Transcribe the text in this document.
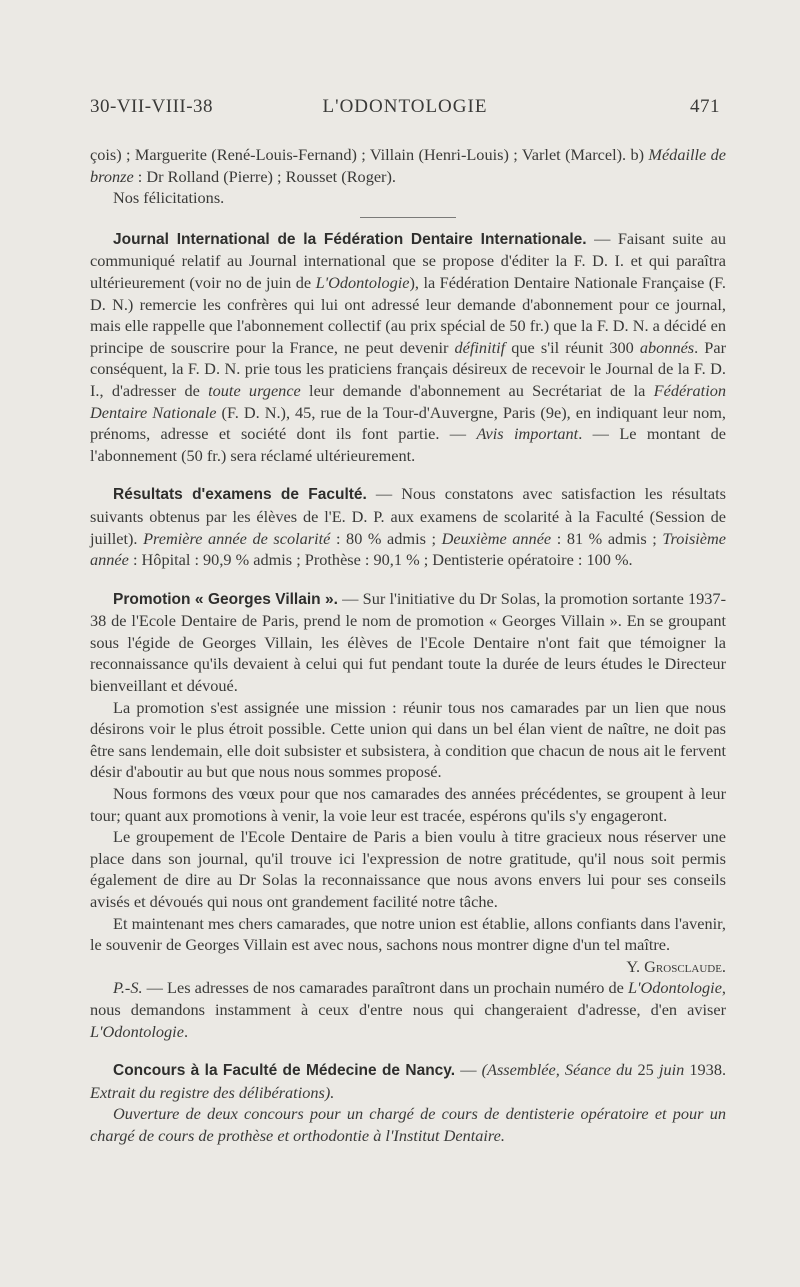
30-VII-VIII-38	L'ODONTOLOGIE	471

çois) ; Marguerite (René-Louis-Fernand) ; Villain (Henri-Louis) ; Varlet (Marcel). b) Médaille de bronze : Dr Rolland (Pierre) ; Rousset (Roger).

Nos félicitations.

Journal International de la Fédération Dentaire Internationale. — Faisant suite au communiqué relatif au Journal international que se propose d'éditer la F. D. I. et qui paraîtra ultérieurement (voir no de juin de L'Odontologie), la Fédération Dentaire Nationale Française (F. D. N.) remercie les confrères qui lui ont adressé leur demande d'abonnement pour ce journal, mais elle rappelle que l'abonnement collectif (au prix spécial de 50 fr.) que la F. D. N. a décidé en principe de souscrire pour la France, ne peut devenir définitif que s'il réunit 300 abonnés. Par conséquent, la F. D. N. prie tous les praticiens français désireux de recevoir le Journal de la F. D. I., d'adresser de toute urgence leur demande d'abonnement au Secrétariat de la Fédération Dentaire Nationale (F. D. N.), 45, rue de la Tour-d'Auvergne, Paris (9e), en indiquant leur nom, prénoms, adresse et société dont ils font partie. — Avis important. — Le montant de l'abonnement (50 fr.) sera réclamé ultérieurement.

Résultats d'examens de Faculté. — Nous constatons avec satisfaction les résultats suivants obtenus par les élèves de l'E. D. P. aux examens de scolarité à la Faculté (Session de juillet). Première année de scolarité : 80 % admis ; Deuxième année : 81 % admis ; Troisième année : Hôpital : 90,9 % admis ; Prothèse : 90,1 % ; Dentisterie opératoire : 100 %.

Promotion « Georges Villain ». — Sur l'initiative du Dr Solas, la promotion sortante 1937-38 de l'Ecole Dentaire de Paris, prend le nom de promotion « Georges Villain ». En se groupant sous l'égide de Georges Villain, les élèves de l'Ecole Dentaire n'ont fait que témoigner la reconnaissance qu'ils devaient à celui qui fut pendant toute la durée de leurs études le Directeur bienveillant et dévoué.

La promotion s'est assignée une mission : réunir tous nos camarades par un lien que nous désirons voir le plus étroit possible. Cette union qui dans un bel élan vient de naître, ne doit pas être sans lendemain, elle doit subsister et subsistera, à condition que chacun de nous ait le fervent désir d'aboutir au but que nous nous sommes proposé.

Nous formons des vœux pour que nos camarades des années précédentes, se groupent à leur tour; quant aux promotions à venir, la voie leur est tracée, espérons qu'ils s'y engageront.

Le groupement de l'Ecole Dentaire de Paris a bien voulu à titre gracieux nous réserver une place dans son journal, qu'il trouve ici l'expression de notre gratitude, qu'il nous soit permis également de dire au Dr Solas la reconnaissance que nous avons envers lui pour ses conseils avisés et dévoués qui nous ont grandement facilité notre tâche.

Et maintenant mes chers camarades, que notre union est établie, allons confiants dans l'avenir, le souvenir de Georges Villain est avec nous, sachons nous montrer digne d'un tel maître.
Y. Grosclaude.

P.-S. — Les adresses de nos camarades paraîtront dans un prochain numéro de L'Odontologie, nous demandons instamment à ceux d'entre nous qui changeraient d'adresse, d'en aviser L'Odontologie.

Concours à la Faculté de Médecine de Nancy. — (Assemblée, Séance du 25 juin 1938. Extrait du registre des délibérations).

Ouverture de deux concours pour un chargé de cours de dentisterie opératoire et pour un chargé de cours de prothèse et orthodontie à l'Institut Dentaire.
